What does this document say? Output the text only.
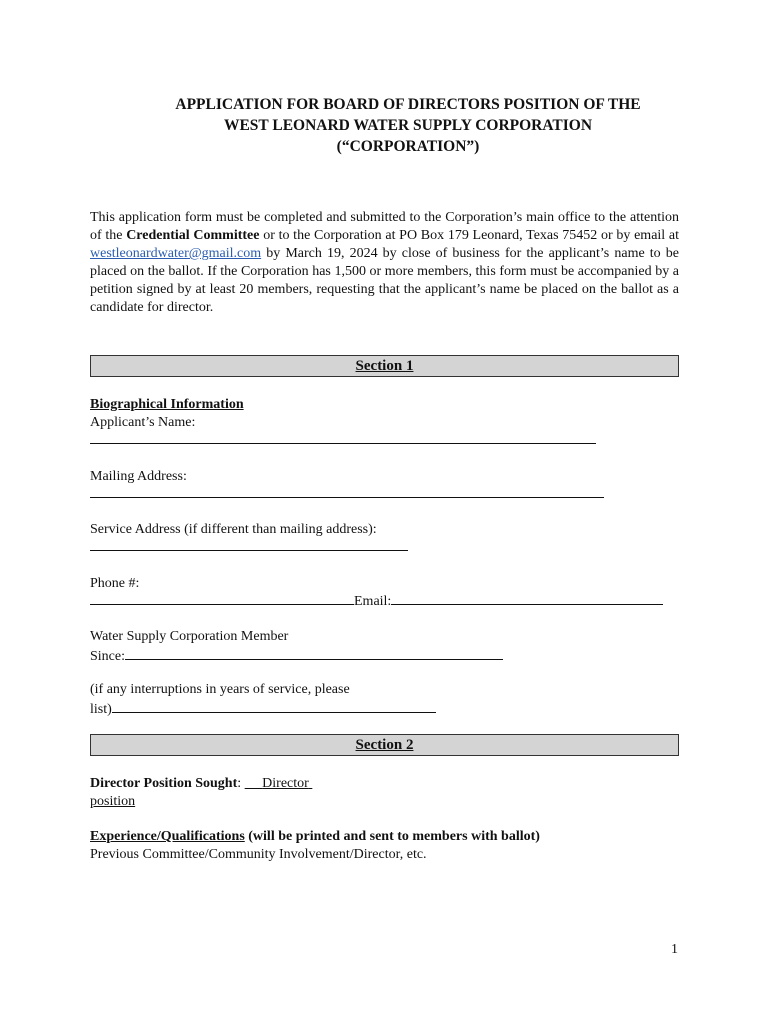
APPLICATION FOR BOARD OF DIRECTORS POSITION OF THE
WEST LEONARD WATER SUPPLY CORPORATION
(“CORPORATION”)
This application form must be completed and submitted to the Corporation’s main office to the attention of the Credential Committee or to the Corporation at PO Box 179 Leonard, Texas 75452 or by email at westleonardwater@gmail.com by March 19, 2024 by close of business for the applicant’s name to be placed on the ballot. If the Corporation has 1,500 or more members, this form must be accompanied by a petition signed by at least 20 members, requesting that the applicant’s name be placed on the ballot as a candidate for director.
Section 1
Biographical Information
Applicant’s Name:
Mailing Address:
Service Address (if different than mailing address):
Phone #:
Email:
Water Supply Corporation Member
Since:
(if any interruptions in years of service, please
list)
Section 2
Director Position Sought: Director
position
Experience/Qualifications (will be printed and sent to members with ballot)
Previous Committee/Community Involvement/Director, etc.
1
